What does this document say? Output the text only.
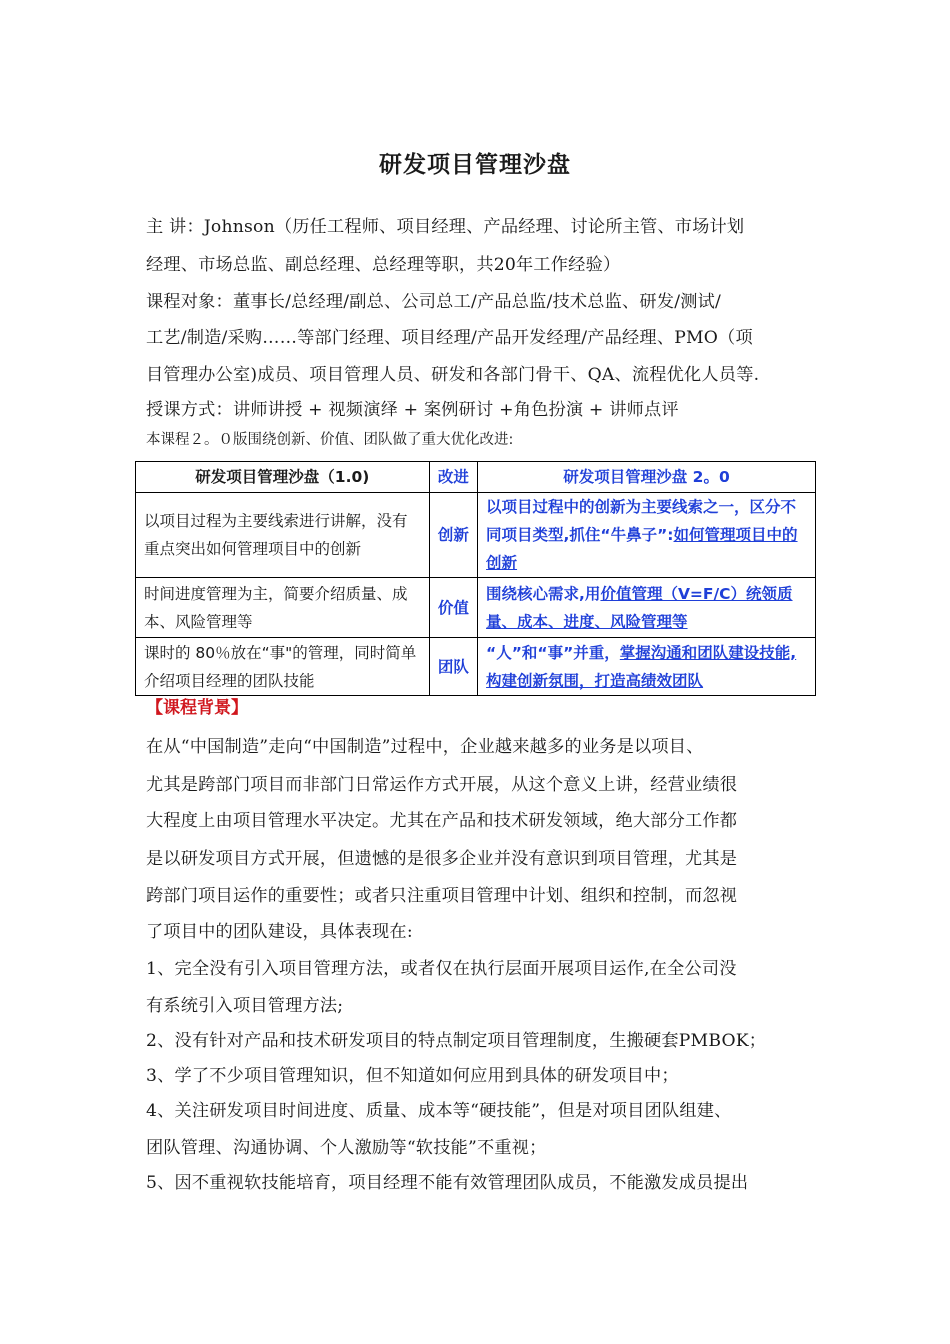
研发项目管理沙盘
主 讲：Johnson（历任工程师、项目经理、产品经理、讨论所主管、市场计划
经理、市场总监、副总经理、总经理等职，共20年工作经验）
课程对象：董事长/总经理/副总、公司总工/产品总监/技术总监、研发/测试/
工艺/制造/采购……等部门经理、项目经理/产品开发经理/产品经理、PMO（项
目管理办公室)成员、项目管理人员、研发和各部门骨干、QA、流程优化人员等.
授课方式：讲师讲授 + 视频演绎 + 案例研讨 +角色扮演 + 讲师点评
本课程２。０版围绕创新、价值、团队做了重大优化改进:
研发项目管理沙盘（1.0)	改进	研发项目管理沙盘 2。0
以项目过程为主要线索进行讲解，没有重点突出如何管理项目中的创新	创新	以项目过程中的创新为主要线索之一，区分不同项目类型,抓住“牛鼻子”:如何管理项目中的创新
时间进度管理为主，简要介绍质量、成本、风险管理等	价值	围绕核心需求,用价值管理（V=F/C）统领质量、成本、进度、风险管理等
课时的 80％放在“事"的管理，同时简单介绍项目经理的团队技能	团队	“人”和“事”并重，掌握沟通和团队建设技能,构建创新氛围，打造高绩效团队
【课程背景】
在从“中国制造”走向“中国制造”过程中，企业越来越多的业务是以项目、
尤其是跨部门项目而非部门日常运作方式开展，从这个意义上讲，经营业绩很
大程度上由项目管理水平决定。尤其在产品和技术研发领域，绝大部分工作都
是以研发项目方式开展，但遗憾的是很多企业并没有意识到项目管理，尤其是
跨部门项目运作的重要性；或者只注重项目管理中计划、组织和控制，而忽视
了项目中的团队建设，具体表现在:
1、完全没有引入项目管理方法，或者仅在执行层面开展项目运作,在全公司没
有系统引入项目管理方法;
2、没有针对产品和技术研发项目的特点制定项目管理制度，生搬硬套PMBOK；
3、学了不少项目管理知识，但不知道如何应用到具体的研发项目中；
4、关注研发项目时间进度、质量、成本等“硬技能”，但是对项目团队组建、
团队管理、沟通协调、个人激励等“软技能”不重视；
5、因不重视软技能培育，项目经理不能有效管理团队成员，不能激发成员提出
